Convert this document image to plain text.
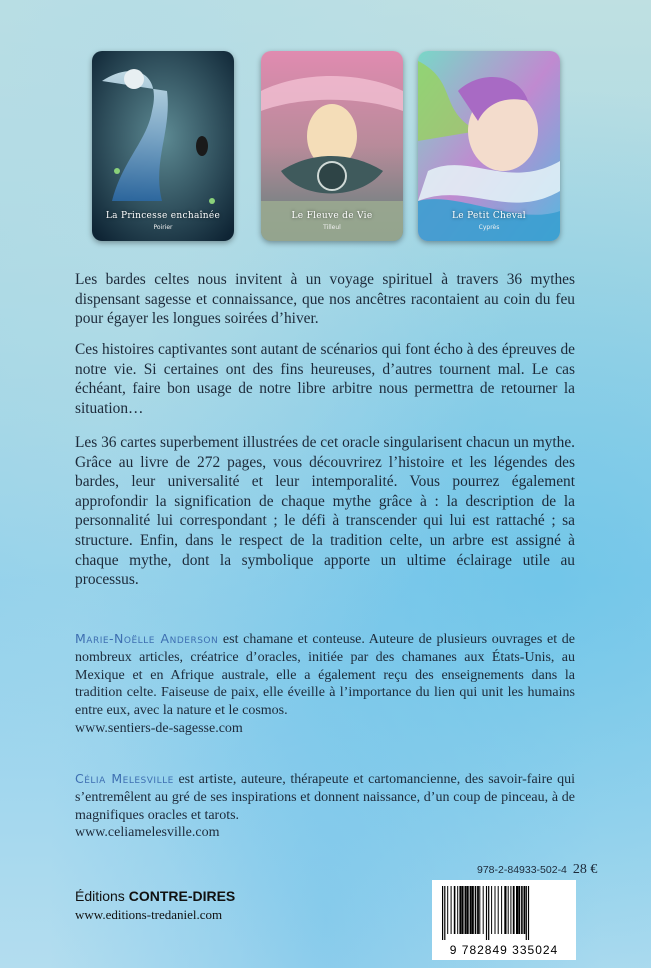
La Princesse enchaînée
Poirier
Le Fleuve de Vie
Tilleul
Le Petit Cheval
Cyprès

Les bardes celtes nous invitent à un voyage spirituel à travers 36 mythes dispensant sagesse et connaissance, que nos ancêtres racontaient au coin du feu pour égayer les longues soirées d’hiver.

Ces histoires captivantes sont autant de scénarios qui font écho à des épreuves de notre vie. Si certaines ont des fins heureuses, d’autres tournent mal. Le cas échéant, faire bon usage de notre libre arbitre nous permettra de retourner la situation…

Les 36 cartes superbement illustrées de cet oracle singularisent chacun un mythe. Grâce au livre de 272 pages, vous découvrirez l’histoire et les légendes des bardes, leur universalité et leur intemporalité. Vous pourrez également approfondir la signification de chaque mythe grâce à : la description de la personnalité lui correspondant ; le défi à transcender qui lui est rattaché ; sa structure. Enfin, dans le respect de la tradition celte, un arbre est assigné à chaque mythe, dont la symbolique apporte un ultime éclairage utile au processus.

Marie-Noëlle Anderson est chamane et conteuse. Auteure de plusieurs ouvrages et de nombreux articles, créatrice d’oracles, initiée par des chamanes aux États-Unis, au Mexique et en Afrique australe, elle a également reçu des enseignements dans la tradition celte. Faiseuse de paix, elle éveille à l’importance du lien qui unit les humains entre eux, avec la nature et le cosmos.
www.sentiers-de-sagesse.com

Célia Melesville est artiste, auteure, thérapeute et cartomancienne, des savoir-faire qui s’entremêlent au gré de ses inspirations et donnent naissance, d’un coup de pinceau, à de magnifiques oracles et tarots.
www.celiamelesville.com

978-2-84933-502-4 28 €
9 782849 335024
Éditions CONTRE-DIRES
www.editions-tredaniel.com
